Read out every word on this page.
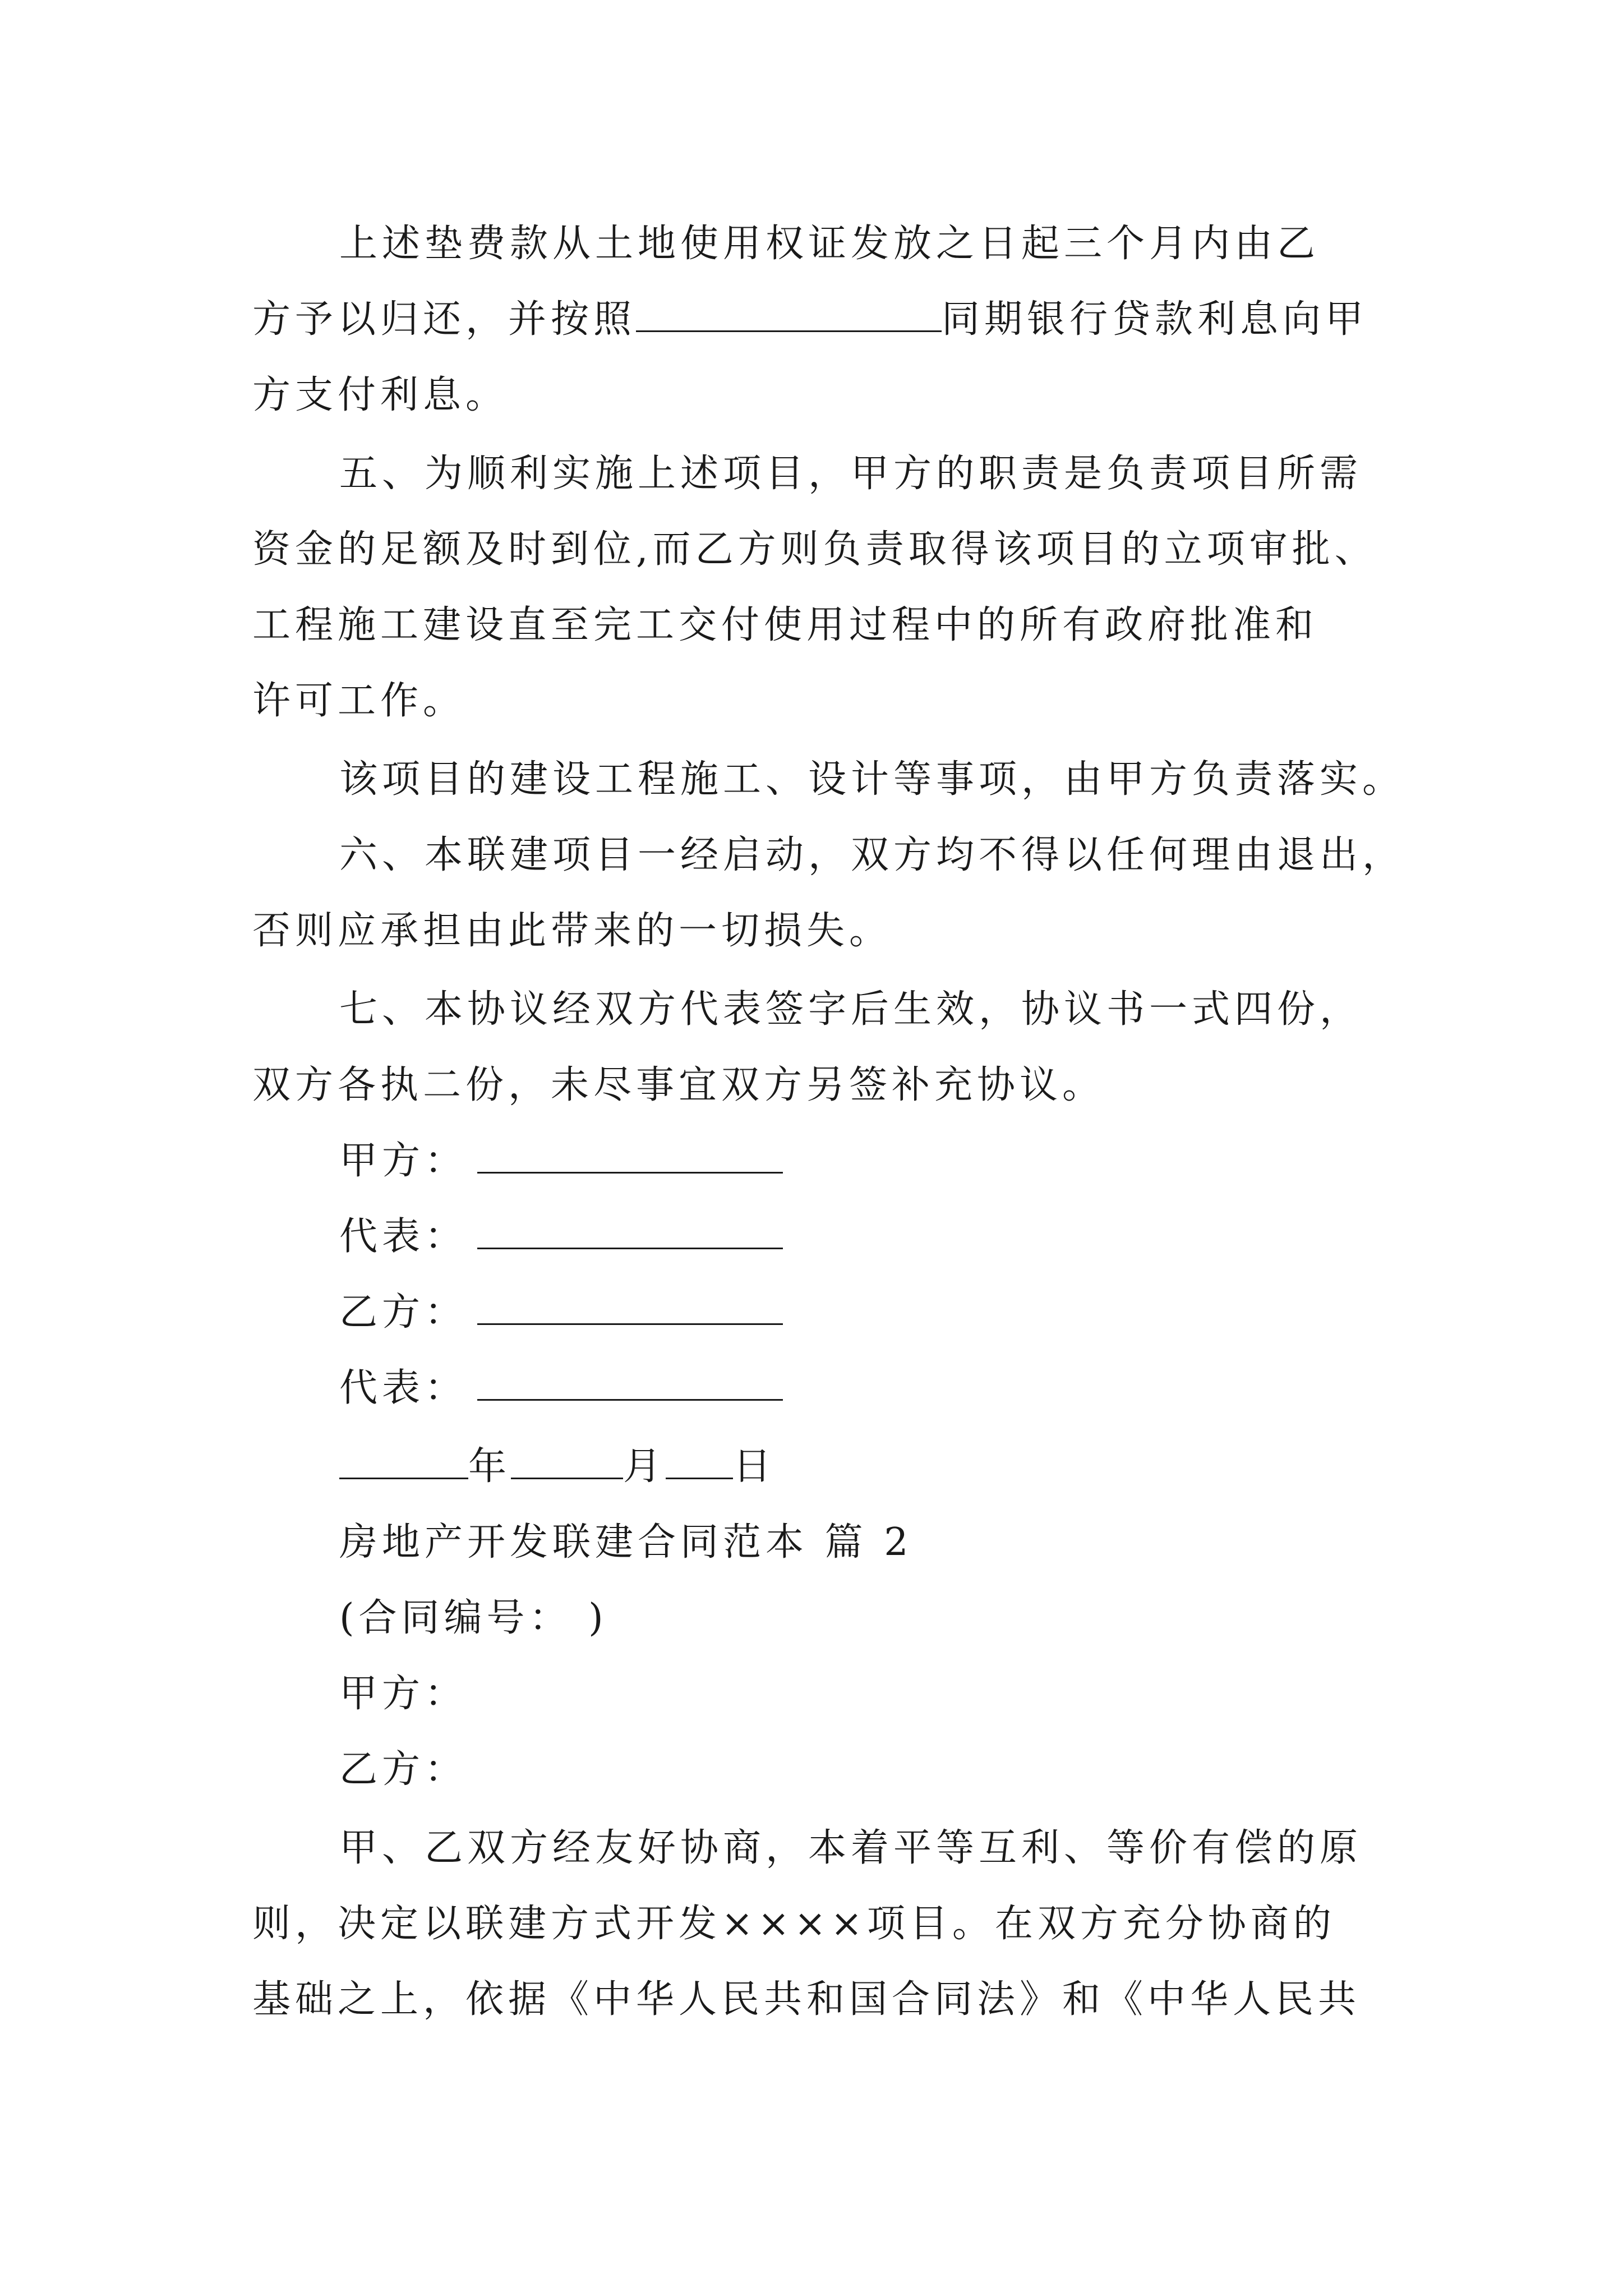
上述垫费款从土地使用权证发放之日起三个月内由乙
方予以归还，并按照	同期银行贷款利息向甲
方支付利息。
五、为顺利实施上述项目，甲方的职责是负责项目所需
资金的足额及时到位,而乙方则负责取得该项目的立项审批、
工程施工建设直至完工交付使用过程中的所有政府批准和
许可工作。
该项目的建设工程施工、设计等事项，由甲方负责落实。
六、本联建项目一经启动，双方均不得以任何理由退出，
否则应承担由此带来的一切损失。
七、本协议经双方代表签字后生效，协议书一式四份，
双方各执二份，未尽事宜双方另签补充协议。
甲方：
代表：
乙方：
代表：
年	月 日
房地产开发联建合同范本 篇 2
(合同编号： )
甲方：
乙方：
甲、乙双方经友好协商，本着平等互利、等价有偿的原
则，决定以联建方式开发××××项目。在双方充分协商的
基础之上，依据《中华人民共和国合同法》和《中华人民共
